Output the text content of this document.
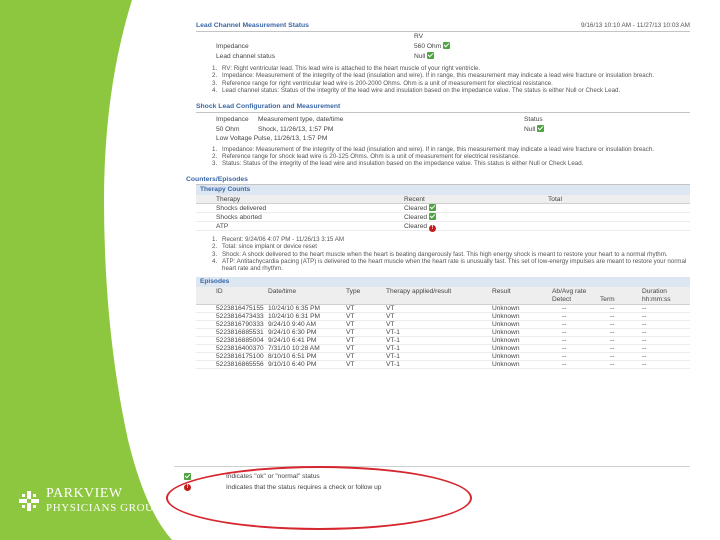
PARKVIEW
PHYSICIANS GROUP
Lead Channel Measurement Status	9/16/13 10:10 AM - 11/27/13 10:03 AM
RV
Impedance	560 Ohm
Lead channel status	Null
1. RV: Right ventricular lead. This lead wire is attached to the heart muscle of your right ventricle.
2. Impedance: Measurement of the integrity of the lead (insulation and wire). If in range, this measurement may indicate a lead wire fracture or insulation breach.
3. Reference range for right ventricular lead wire is 200-2000 Ohms. Ohm is a unit of measurement for electrical resistance.
4. Lead channel status: Status of the integrity of the lead wire and insulation based on the impedance value. The status is either Null or Check Lead.
Shock Lead Configuration and Measurement
Impedance Measurement type, date/time	Status
50 Ohm	Shock, 11/26/13, 1:57 PM	Null
Low Voltage Pulse, 11/26/13, 1:57 PM
1. Impedance: Measurement of the integrity of the lead (insulation and wire). If in range, this measurement may indicate a lead wire fracture or insulation breach.
2. Reference range for shock lead wire is 20-125 Ohms. Ohm is a unit of measurement for electrical resistance.
3. Status: Status of the integrity of the lead wire and insulation based on the impedance value. This status is either Null or Check Lead.
Counters/Episodes
Therapy Counts
Therapy	Recent	Total
Shocks delivered	Cleared
Shocks aborted	Cleared
ATP	Cleared !
1. Recent: 9/24/06 4:07 PM - 11/26/13 3:15 AM
2. Total: since implant or device reset
3. Shock: A shock delivered to the heart muscle when the heart is beating dangerously fast. This high energy shock is meant to restore your heart to a normal rhythm.
4. ATP: Antitachycardia pacing (ATP) is delivered to the heart muscle when the heart rate is unusually fast. This set of low-energy impulses are meant to restore your normal heart rate and rhythm.
Episodes
ID	Date/time	Type	Therapy applied/result	Result	Ab/Avg rate
Detect	Term
Duration
hh:mm:ss
5223816475155 10/24/10 6:35 PM	VT	VT	Unknown	--	--	--
5223816473433 10/24/10 6:31 PM	VT	VT	Unknown	--	--	--
5223816790333 9/24/10 9:40 AM	VT	VT	Unknown	--	--	--
5223816885531 9/24/10 6:30 PM	VT	VT-1	Unknown	--	--	--
5223816885004 9/24/10 6:41 PM	VT	VT-1	Unknown	--	--	--
5223816400370 7/31/10 10:28 AM	VT	VT-1	Unknown	--	--	--
5223816175100 8/10/10 6:51 PM	VT	VT-1	Unknown	--	--	--
5223816865556 9/10/10 6:40 PM	VT	VT-1	Unknown	--	--	--
Indicates "ok" or "normal" status
!	Indicates that the status requires a check or follow up
